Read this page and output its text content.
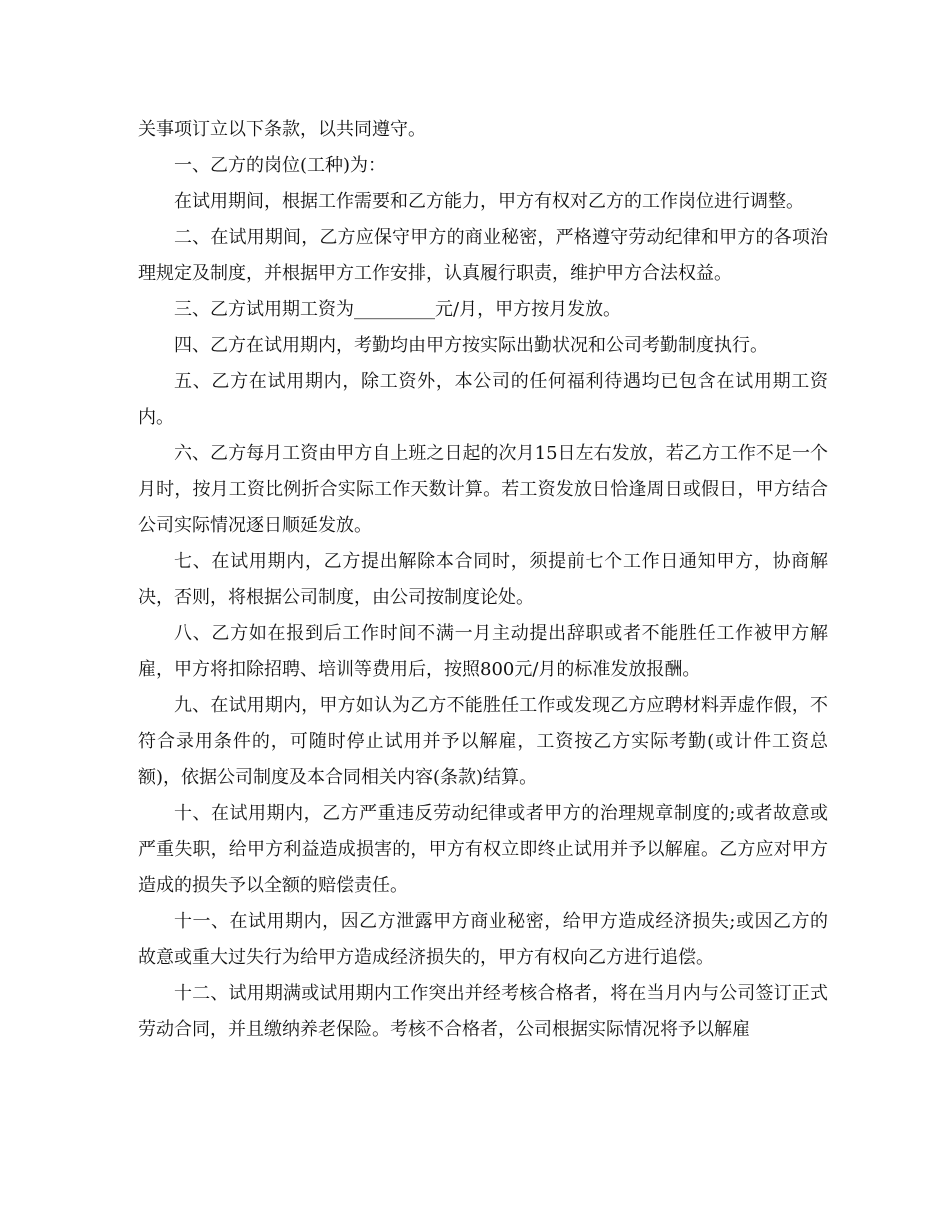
关事项订立以下条款，以共同遵守。

一、乙方的岗位(工种)为：

在试用期间，根据工作需要和乙方能力，甲方有权对乙方的工作岗位进行调整。

二、在试用期间，乙方应保守甲方的商业秘密，严格遵守劳动纪律和甲方的各项治理规定及制度，并根据甲方工作安排，认真履行职责，维护甲方合法权益。

三、乙方试用期工资为_________元/月，甲方按月发放。

四、乙方在试用期内，考勤均由甲方按实际出勤状况和公司考勤制度执行。

五、乙方在试用期内，除工资外，本公司的任何福利待遇均已包含在试用期工资内。

六、乙方每月工资由甲方自上班之日起的次月15日左右发放，若乙方工作不足一个月时，按月工资比例折合实际工作天数计算。若工资发放日恰逢周日或假日，甲方结合公司实际情况逐日顺延发放。

七、在试用期内，乙方提出解除本合同时，须提前七个工作日通知甲方，协商解决，否则，将根据公司制度，由公司按制度论处。

八、乙方如在报到后工作时间不满一月主动提出辞职或者不能胜任工作被甲方解雇，甲方将扣除招聘、培训等费用后，按照800元/月的标准发放报酬。

九、在试用期内，甲方如认为乙方不能胜任工作或发现乙方应聘材料弄虚作假，不符合录用条件的，可随时停止试用并予以解雇，工资按乙方实际考勤(或计件工资总额)，依据公司制度及本合同相关内容(条款)结算。

十、在试用期内，乙方严重违反劳动纪律或者甲方的治理规章制度的;或者故意或严重失职，给甲方利益造成损害的，甲方有权立即终止试用并予以解雇。乙方应对甲方造成的损失予以全额的赔偿责任。

十一、在试用期内，因乙方泄露甲方商业秘密，给甲方造成经济损失;或因乙方的故意或重大过失行为给甲方造成经济损失的，甲方有权向乙方进行追偿。

十二、试用期满或试用期内工作突出并经考核合格者，将在当月内与公司签订正式劳动合同，并且缴纳养老保险。考核不合格者，公司根据实际情况将予以解雇
